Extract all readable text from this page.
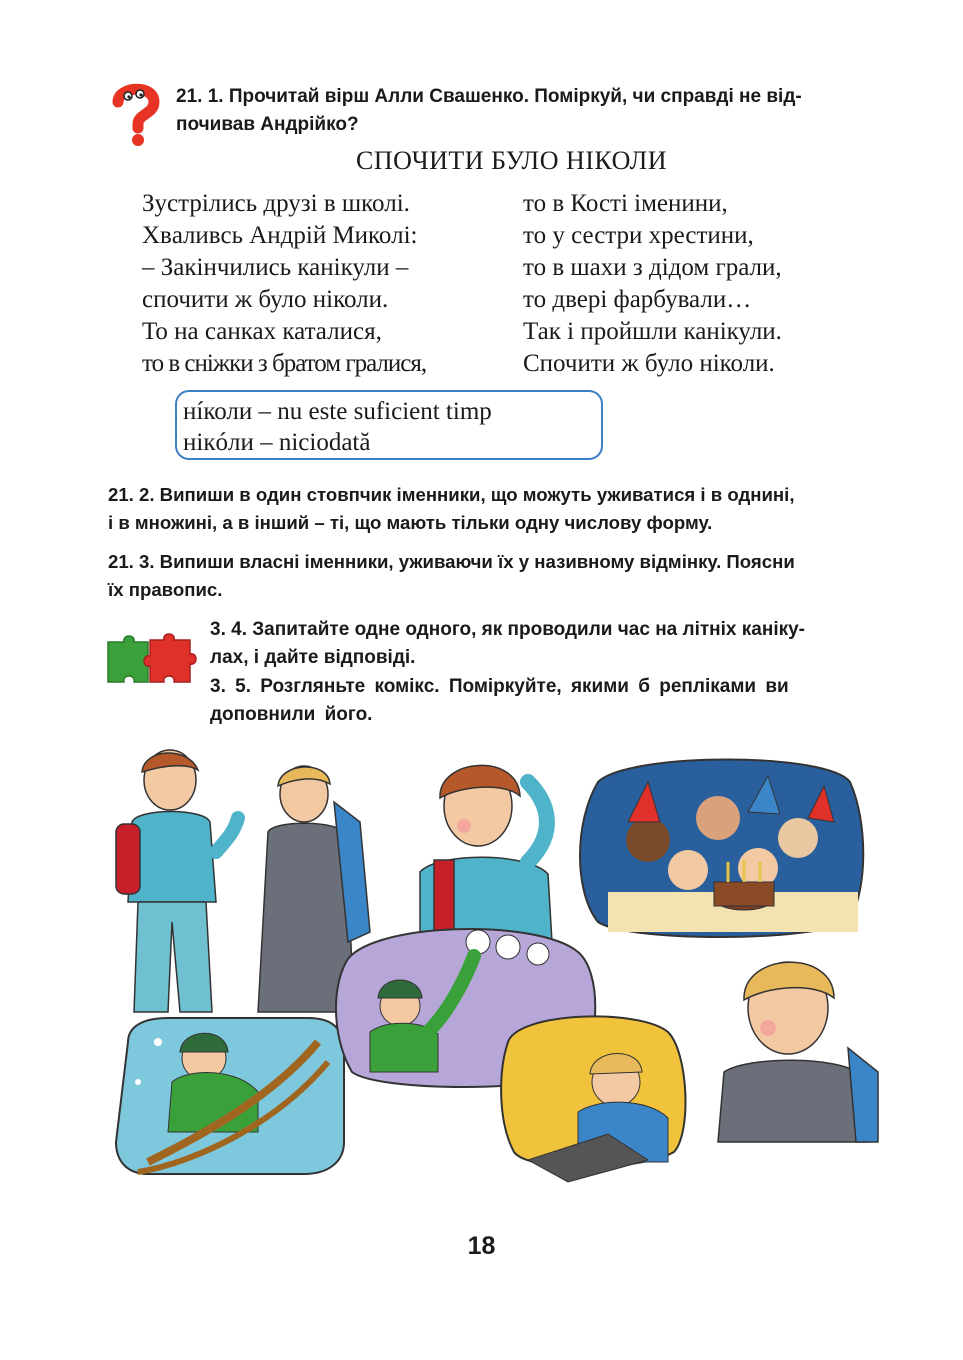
21. 1. Прочитай вірш Алли Свашенко. Поміркуй, чи справді не від-
почивав Андрійко?
СПОЧИТИ БУЛО НІКОЛИ
Зустрілись друзі в школі.
Хвaливсь Андрій Миколі:
– Закінчились канікули –
спочити ж було ніколи.
То на санках каталися,
то в сніжки з братом гралися,
то в Кості іменини,
то у сестри хрестини,
то в шахи з дідом грали,
то двері фарбували…
Так і пройшли канікули.
Спочити ж було ніколи.
нíколи – nu este suficient timp
нікóли – niciodată
21. 2. Випиши в один стовпчик іменники, що можуть уживатися і в однині,
і в множині, а в інший – ті, що мають тільки одну числову форму.
21. 3. Випиши власні іменники, уживаючи їх у називному відмінку. Поясни
їх правопис.
3. 4. Запитайте одне одного, як проводили час на літніх каніку-
лах, і дайте відповіді.
3. 5. Розгляньте комікс. Поміркуйте, якими б репліками ви
доповнили його.
18
